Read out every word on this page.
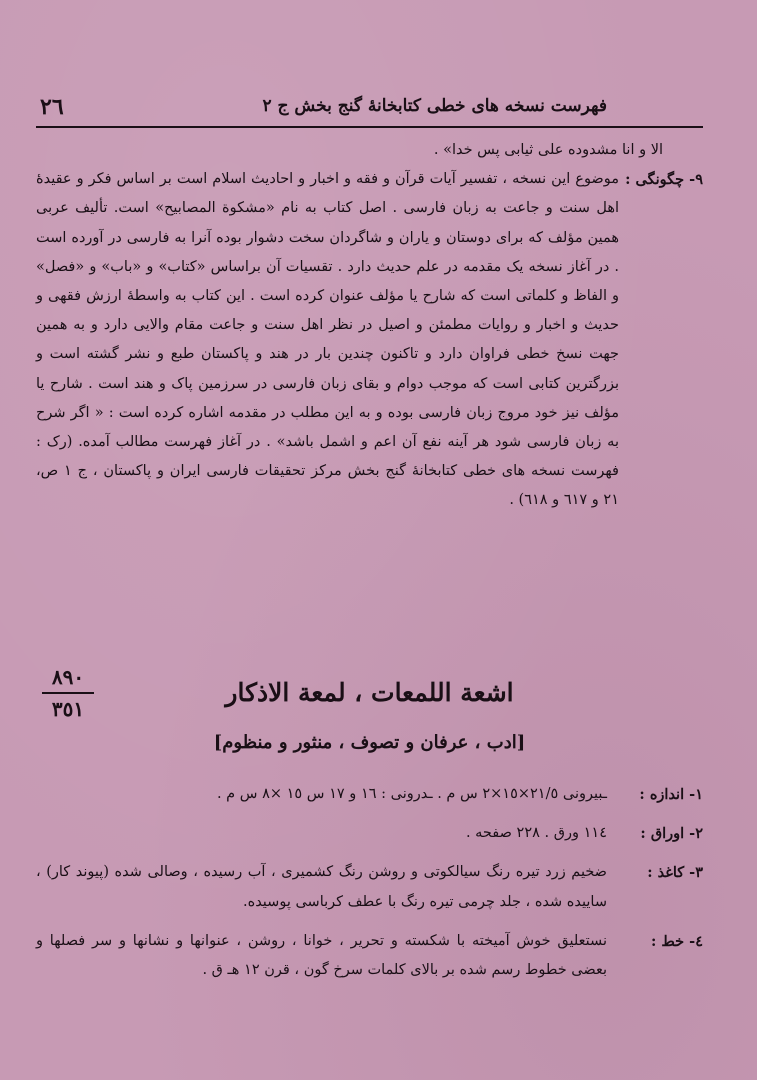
٢٦	فهرست نسخه های خطی کتابخانهٔ گنج بخش ج ٢
الا و انا مشدوده علی ثیابی پس خدا» .
٩- چگونگی :
موضوع این نسخه ، تفسیر آیات قرآن و فقه و اخبار و احادیث اسلام است بر اساس فکر و عقیدهٔ اهل سنت و جاعت به زبان فارسی . اصل کتاب به نام «مشکوة المصابیح» است. تألیف عربی همین مؤلف که برای دوستان و یاران و شاگردان سخت دشوار بوده آنرا به فارسی در آورده است . در آغاز نسخه یک مقدمه در علم حدیث دارد . تقسیات آن براساس «کتاب» و «باب» و «فصل» و الفاظ و کلماتی است که شارح یا مؤلف عنوان کرده است . این کتاب به واسطهٔ ارزش فقهی و حدیث و اخبار و روایات مطمئن و اصیل در نظر اهل سنت و جاعت مقام والایی دارد و به همین جهت نسخ خطی فراوان دارد و تاکنون چندین بار در هند و پاکستان طبع و نشر گشته است و بزرگترین کتابی است که موجب دوام و بقای زبان فارسی در سرزمین پاک و هند است . شارح یا مؤلف نیز خود مروج زبان فارسی بوده و به این مطلب در مقدمه اشاره کرده است : « اگر شرح به زبان فارسی شود هر آینه نفع آن اعم و اشمل باشد» . در آغاز فهرست مطالب آمده. (رک : فهرست نسخه های خطی کتابخانهٔ گنج بخش مرکز تحقیقات فارسی ایران و پاکستان ، ج ١ ص، ٢١ و ٦١٧ و ٦١٨) .
٨٩٠
٣٥١
اشعة اللمعات ، لمعة الاذكار
[ادب ، عرفان و تصوف ، منثور و منظوم]
١- اندازه :
ـبیرونی ٢١/٥×١٥×٢ س م . ـدرونی : ١٦ و ١٧ س ١٥ ×٨ س م .
٢- اوراق :
١١٤ ورق . ٢٢٨ صفحه .
٣- کاغذ :
ضخیم زرد تیره رنگ سیالکوتی و روشن رنگ کشمیری ، آب رسیده ، وصالی شده (پیوند کار) ، ساییده شده ، جلد چرمی تیره رنگ با عطف کرباسی پوسیده.
٤- خط :
نستعلیق خوش آمیخته با شکسته و تحریر ، خوانا ، روشن ، عنوانها و نشانها و سر فصلها و بعضی خطوط رسم شده بر بالای کلمات سرخ گون ، قرن ١٢ هـ ق .
